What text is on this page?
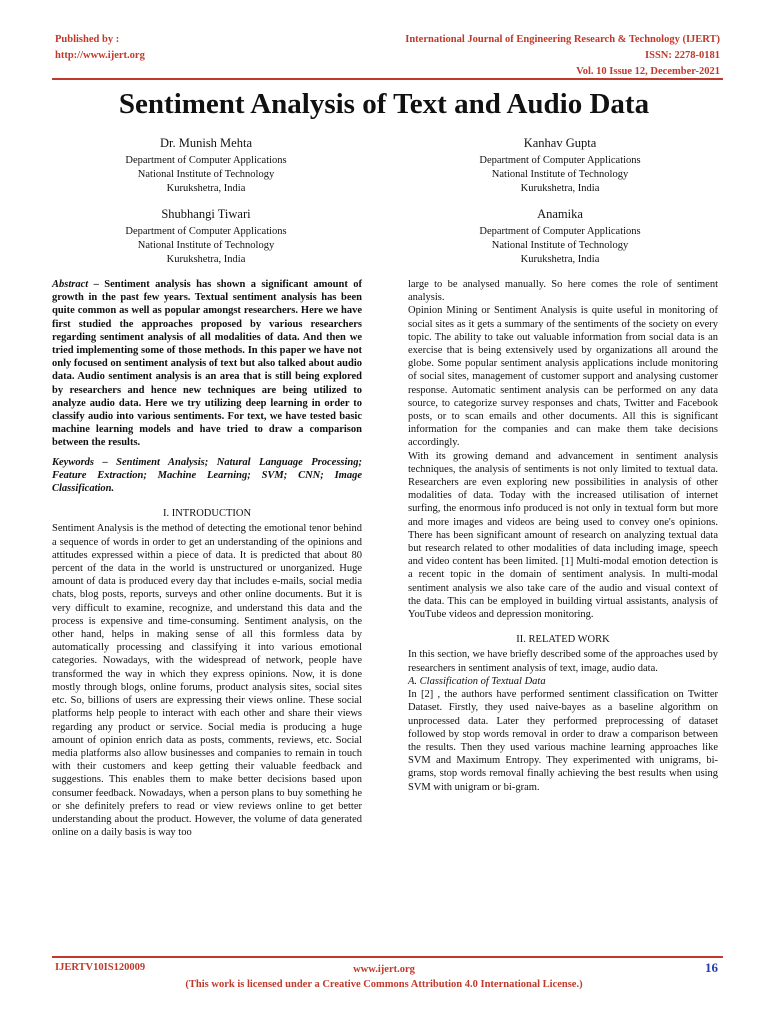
Published by :
http://www.ijert.org
International Journal of Engineering Research & Technology (IJERT)
ISSN: 2278-0181
Vol. 10 Issue 12, December-2021
Sentiment Analysis of Text and Audio Data
Dr. Munish Mehta
Department of Computer Applications
National Institute of Technology
Kurukshetra, India
Kanhav Gupta
Department of Computer Applications
National Institute of Technology
Kurukshetra, India
Shubhangi Tiwari
Department of Computer Applications
National Institute of Technology
Kurukshetra, India
Anamika
Department of Computer Applications
National Institute of Technology
Kurukshetra, India

Abstract – Sentiment analysis has shown a significant amount of growth in the past few years. Textual sentiment analysis has been quite common as well as popular amongst researchers. Here we have first studied the approaches proposed by various researchers regarding sentiment analysis of all modalities of data. And then we tried implementing some of those methods. In this paper we have not only focused on sentiment analysis of text but also talked about audio data. Audio sentiment analysis is an area that is still being explored by researchers and hence new techniques are being utilized to analyze audio data. Here we try utilizing deep learning in order to classify audio into various sentiments. For text, we have tested basic machine learning models and have tried to draw a comparison between the results.

Keywords – Sentiment Analysis; Natural Language Processing; Feature Extraction; Machine Learning; SVM; CNN; Image Classification.

I. INTRODUCTION

Sentiment Analysis is the method of detecting the emotional tenor behind a sequence of words in order to get an understanding of the opinions and attitudes expressed within a piece of data. It is predicted that about 80 percent of the data in the world is unstructured or unorganized. Huge amount of data is produced every day that includes e-mails, social media chats, blog posts, reports, surveys and other online documents. But it is very difficult to examine, recognize, and understand this data and the process is expensive and time-consuming. Sentiment analysis, on the other hand, helps in making sense of all this formless data by automatically processing and classifying it into various emotional categories. Nowadays, with the widespread of network, people have transformed the way in which they express opinions. Now, it is done mostly through blogs, online forums, product analysis sites, social sites etc. So, billions of users are expressing their views online. These social platforms help people to interact with each other and share their views regarding any product or service. Social media is producing a huge amount of opinion enrich data as posts, comments, reviews, etc. Social media platforms also allow businesses and companies to remain in touch with their customers and keep getting their valuable feedback and suggestions. This enables them to make better decisions based upon consumer feedback. Nowadays, when a person plans to buy something he or she definitely prefers to read or view reviews online to get better understanding about the product. However, the volume of data generated online on a daily basis is way too

large to be analysed manually. So here comes the role of sentiment analysis.

Opinion Mining or Sentiment Analysis is quite useful in monitoring of social sites as it gets a summary of the sentiments of the society on every topic. The ability to take out valuable information from social data is an exercise that is being extensively used by organizations all around the globe. Some popular sentiment analysis applications include monitoring of social sites, management of customer support and analysing customer response. Automatic sentiment analysis can be performed on any data source, to categorize survey responses and chats, Twitter and Facebook posts, or to scan emails and other documents. All this is significant information for the companies and can make them take decisions accordingly.

With its growing demand and advancement in sentiment analysis techniques, the analysis of sentiments is not only limited to textual data. Researchers are even exploring new possibilities in analysis of other modalities of data. Today with the increased utilisation of internet surfing, the enormous info produced is not only in textual form but more and more images and videos are being used to convey one's opinions. There has been significant amount of research on analyzing textual data but research related to other modalities of data including image, speech and video content has been limited. [1] Multi-modal emotion detection is a recent topic in the domain of sentiment analysis. In multi-modal sentiment analysis we also take care of the audio and visual context of the data. This can be employed in building virtual assistants, analysis of YouTube videos and depression monitoring.

II. RELATED WORK

In this section, we have briefly described some of the approaches used by researchers in sentiment analysis of text, image, audio data.

A. Classification of Textual Data

In [2] , the authors have performed sentiment classification on Twitter Dataset. Firstly, they used naive-bayes as a baseline algorithm on unprocessed data. Later they performed preprocessing of dataset followed by stop words removal in order to draw a comparison between the results. Then they used various machine learning approaches like SVM and Maximum Entropy. They experimented with unigrams, bi-grams, stop words removal finally achieving the best results when using SVM with unigram or bi-gram.

IJERTV10IS120009	www.ijert.org
(This work is licensed under a Creative Commons Attribution 4.0 International License.)
16
